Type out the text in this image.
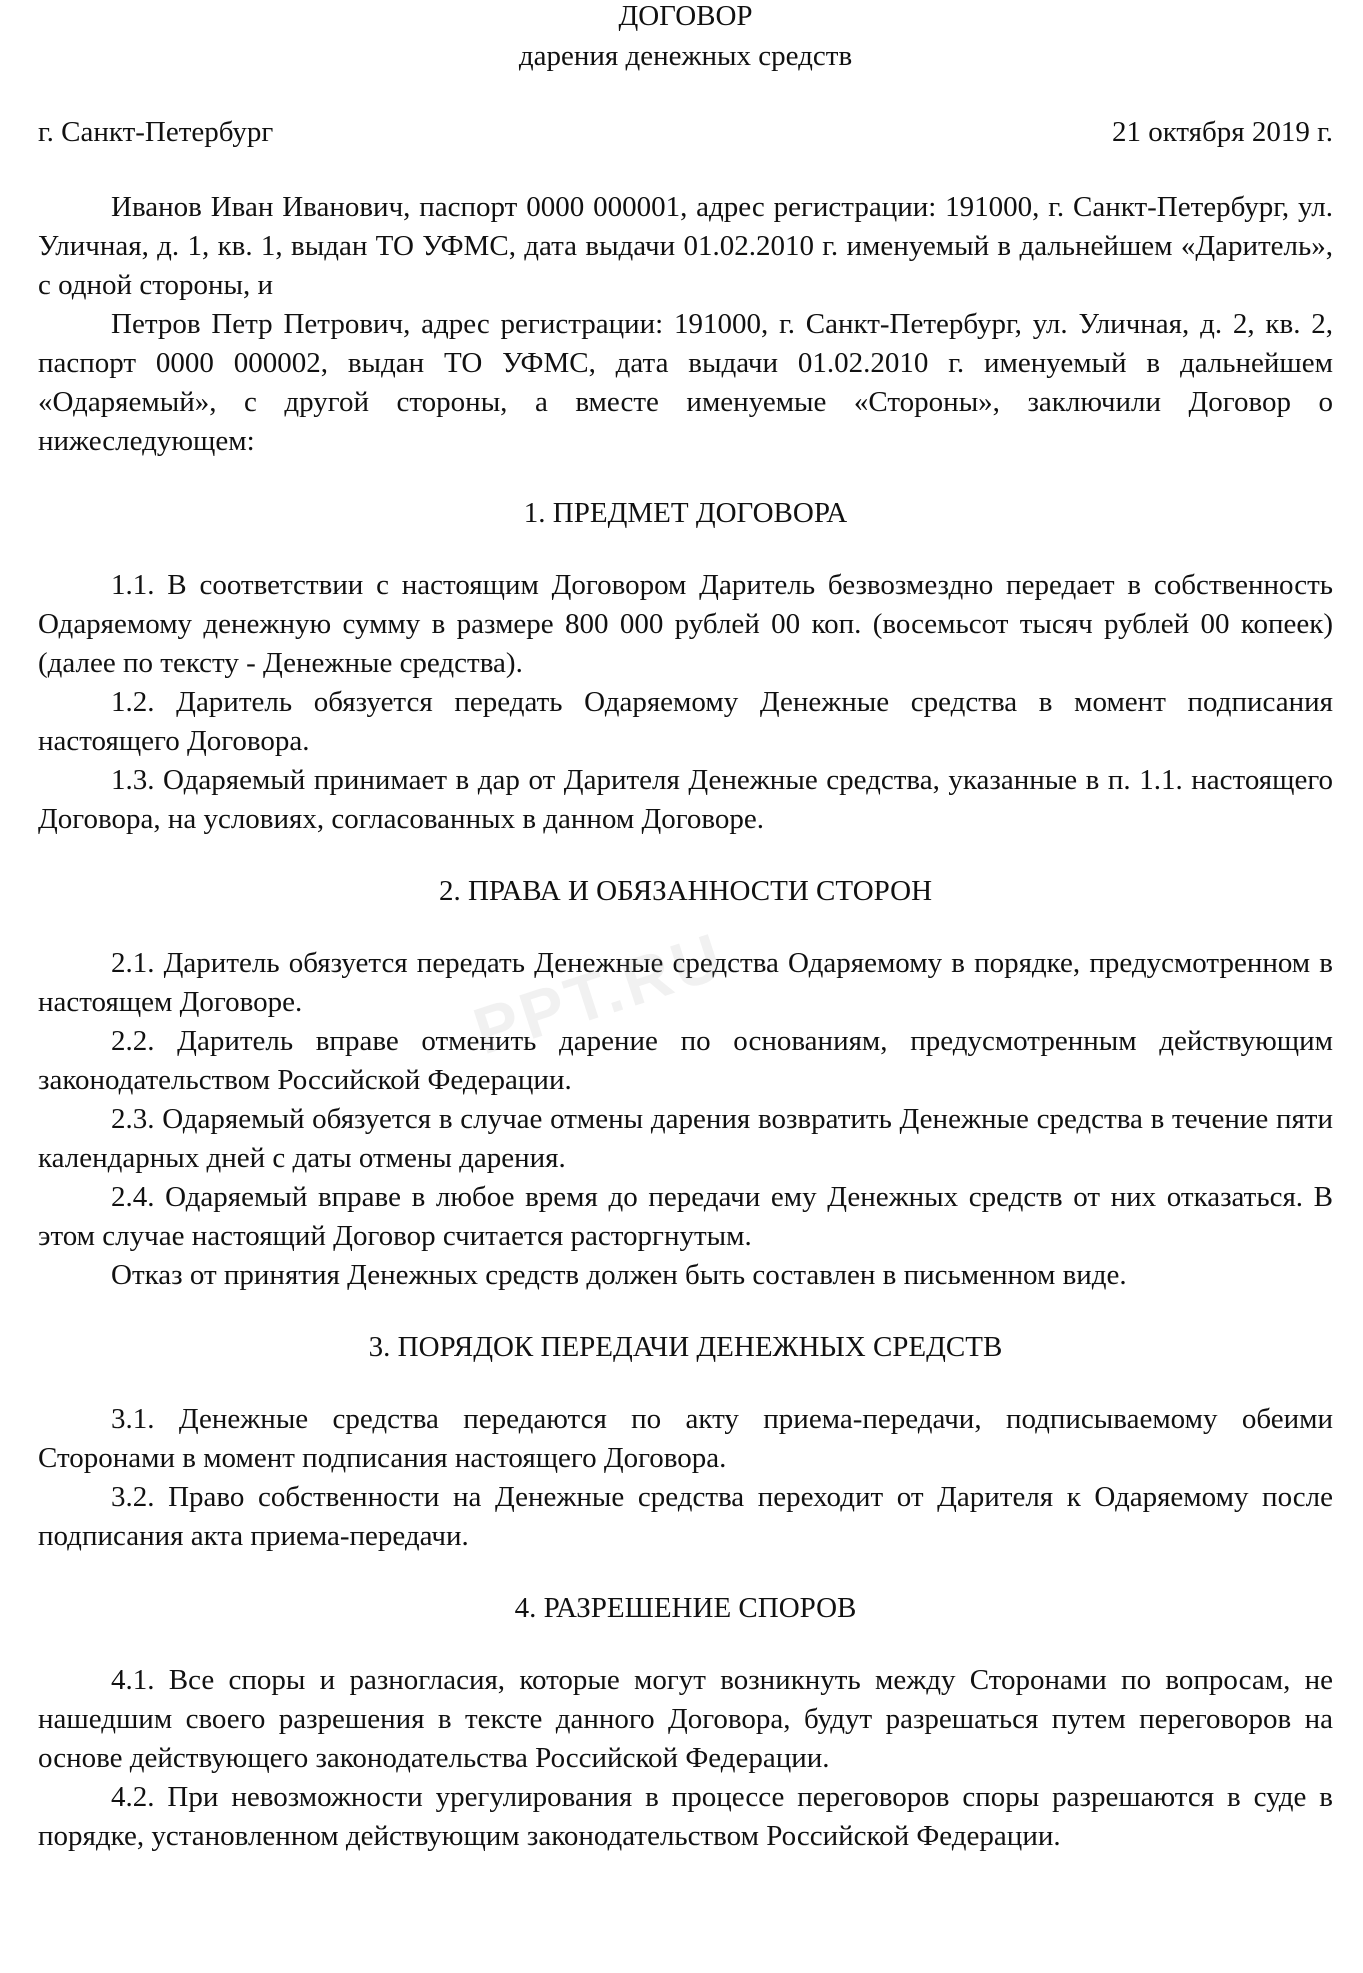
ДОГОВОР
дарения денежных средств
г. Санкт-Петербург	21 октября 2019 г.

Иванов Иван Иванович, паспорт 0000 000001, адрес регистрации: 191000, г. Санкт-Петербург, ул. Уличная, д. 1, кв. 1, выдан ТО УФМС, дата выдачи 01.02.2010 г. именуемый в дальнейшем «Даритель», с одной стороны, и

Петров Петр Петрович, адрес регистрации: 191000, г. Санкт-Петербург, ул. Уличная, д. 2, кв. 2, паспорт 0000 000002, выдан ТО УФМС, дата выдачи 01.02.2010 г. именуемый в дальнейшем «Одаряемый», с другой стороны, а вместе именуемые «Стороны», заключили Договор о нижеследующем:

1. ПРЕДМЕТ ДОГОВОРА

1.1. В соответствии с настоящим Договором Даритель безвозмездно передает в собственность Одаряемому денежную сумму в размере 800 000 рублей 00 коп. (восемьсот тысяч рублей 00 копеек) (далее по тексту - Денежные средства).

1.2. Даритель обязуется передать Одаряемому Денежные средства в момент подписания настоящего Договора.

1.3. Одаряемый принимает в дар от Дарителя Денежные средства, указанные в п. 1.1. настоящего Договора, на условиях, согласованных в данном Договоре.

2. ПРАВА И ОБЯЗАННОСТИ СТОРОН

2.1. Даритель обязуется передать Денежные средства Одаряемому в порядке, предусмотренном в настоящем Договоре.

2.2. Даритель вправе отменить дарение по основаниям, предусмотренным действующим законодательством Российской Федерации.

2.3. Одаряемый обязуется в случае отмены дарения возвратить Денежные средства в течение пяти календарных дней с даты отмены дарения.

2.4. Одаряемый вправе в любое время до передачи ему Денежных средств от них отказаться. В этом случае настоящий Договор считается расторгнутым.

Отказ от принятия Денежных средств должен быть составлен в письменном виде.

3. ПОРЯДОК ПЕРЕДАЧИ ДЕНЕЖНЫХ СРЕДСТВ

3.1. Денежные средства передаются по акту приема-передачи, подписываемому обеими Сторонами в момент подписания настоящего Договора.

3.2. Право собственности на Денежные средства переходит от Дарителя к Одаряемому после подписания акта приема-передачи.

4. РАЗРЕШЕНИЕ СПОРОВ

4.1. Все споры и разногласия, которые могут возникнуть между Сторонами по вопросам, не нашедшим своего разрешения в тексте данного Договора, будут разрешаться путем переговоров на основе действующего законодательства Российской Федерации.

4.2. При невозможности урегулирования в процессе переговоров споры разрешаются в суде в порядке, установленном действующим законодательством Российской Федерации.

PPT.RU
